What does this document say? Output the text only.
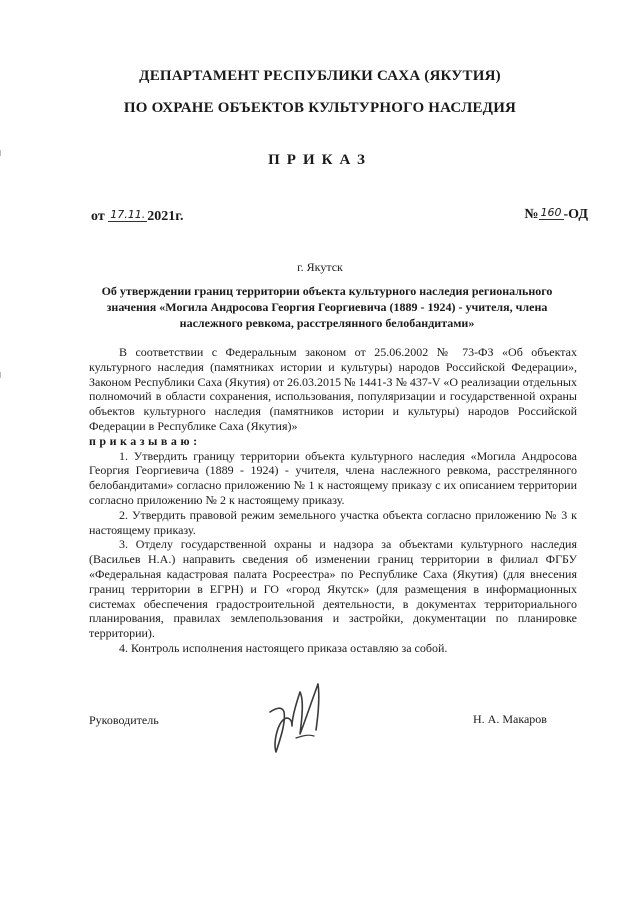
ДЕПАРТАМЕНТ РЕСПУБЛИКИ САХА (ЯКУТИЯ)
ПО ОХРАНЕ ОБЪЕКТОВ КУЛЬТУРНОГО НАСЛЕДИЯ
ПРИКАЗ
от 17.11. 2021г.	№ 160 -ОД
г. Якутск
Об утверждении границ территории объекта культурного наследия регионального значения «Могила Андросова Георгия Георгиевича (1889 - 1924) - учителя, члена наслежного ревкома, расстрелянного белобандитами»

В соответствии с Федеральным законом от 25.06.2002 № 73-ФЗ «Об объектах культурного наследия (памятниках истории и культуры) народов Российской Федерации», Законом Республики Саха (Якутия) от 26.03.2015 № 1441-З № 437-V «О реализации отдельных полномочий в области сохранения, использования, популяризации и государственной охраны объектов культурного наследия (памятников истории и культуры) народов Российской Федерации в Республике Саха (Якутия)»

приказываю:

1. Утвердить границу территории объекта культурного наследия «Могила Андросова Георгия Георгиевича (1889 - 1924) - учителя, члена наслежного ревкома, расстрелянного белобандитами» согласно приложению № 1 к настоящему приказу с их описанием территории согласно приложению № 2 к настоящему приказу.

2. Утвердить правовой режим земельного участка объекта согласно приложению № 3 к настоящему приказу.

3. Отделу государственной охраны и надзора за объектами культурного наследия (Васильев Н.А.) направить сведения об изменении границ территории в филиал ФГБУ «Федеральная кадастровая палата Росреестра» по Республике Саха (Якутия) (для внесения границ территории в ЕГРН) и ГО «город Якутск» (для размещения в информационных системах обеспечения градостроительной деятельности, в документах территориального планирования, правилах землепользования и застройки, документации по планировке территории).

4. Контроль исполнения настоящего приказа оставляю за собой.

Руководитель	Н. А. Макаров
